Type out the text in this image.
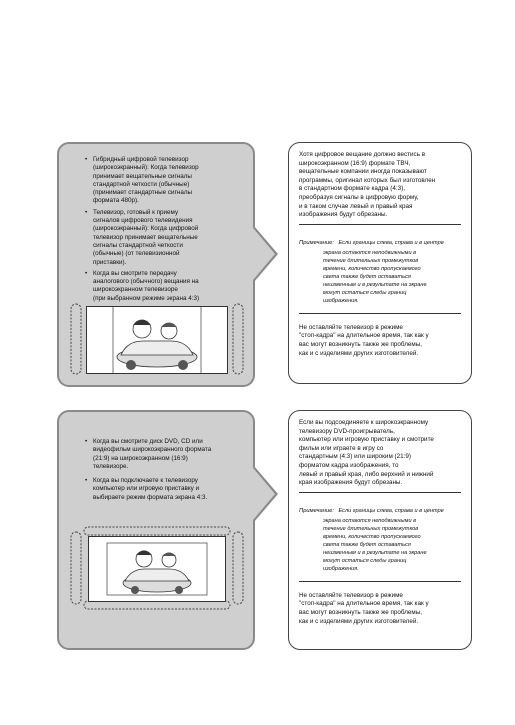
• Гибридный цифровой телевизор
(широкоэкранный): Когда телевизор
принимает вещательные сигналы
стандартной четкости (обычные)
(принимает стандартные сигналы
формата 480р).
• Телевизор, готовый к приему
сигналов цифрового телевидения
(широкоэкранный): Когда цифровой
телевизор принимает вещательные
сигналы стандартной четкости
(обычные) (от телевизионной
приставки).
• Когда вы смотрите передачу
аналогового (обычного) вещания на
широкоэкранном телевизоре
(при выбранном режиме экрана 4:3)

Хотя цифровое вещание должно вестись в
широкоэкранном (16:9) формате ТВЧ,
вещательные компании иногда показывают
программы, оригинал которых был изготовлен
в стандартном формате кадра (4:3),
преобразуя сигналы в цифровую форму,
и в таком случае левый и правый края
изображения будут обрезаны.

Примечание: Если границы слева, справа и в центре
экрана остаются неподвижными в
течение длительных промежутков
времени, количество пропускаемого
света также будет оставаться
неизменным и в результате на экране
могут остаться следы границ
изображения.

Не оставляйте телевизор в режиме
"стоп-кадра" на длительное время, так как у
вас могут возникнуть также же проблемы,
как и с изделиями других изготовителей.

• Когда вы смотрите диск DVD, CD или
видеофильм широкоэкранного формата
(21:9) на широкоэкранном (16:9)
телевизоре.
• Когда вы подключаете к телевизору
компьютер или игровую приставку и
выбираете режим формата экрана 4:3.

Если вы подсоединяете к широкоэкранному
телевизору DVD-проигрыватель,
компьютер или игровую приставку и смотрите
фильм или играете в игру со
стандартным (4:3) или широким (21:9)
форматом кадра изображения, то
левый и правый края, либо верхний и нижний
края изображения будут обрезаны.

Примечание: Если границы слева, справа и в центре
экрана остаются неподвижными в
течение длительных промежутков
времени, количество пропускаемого
света также будет оставаться
неизменным и в результате на экране
могут остаться следы границ
изображения.

Не оставляйте телевизор в режиме
"стоп-кадра" на длительное время, так как у
вас могут возникнуть также же проблемы,
как и с изделиями других изготовителей.
